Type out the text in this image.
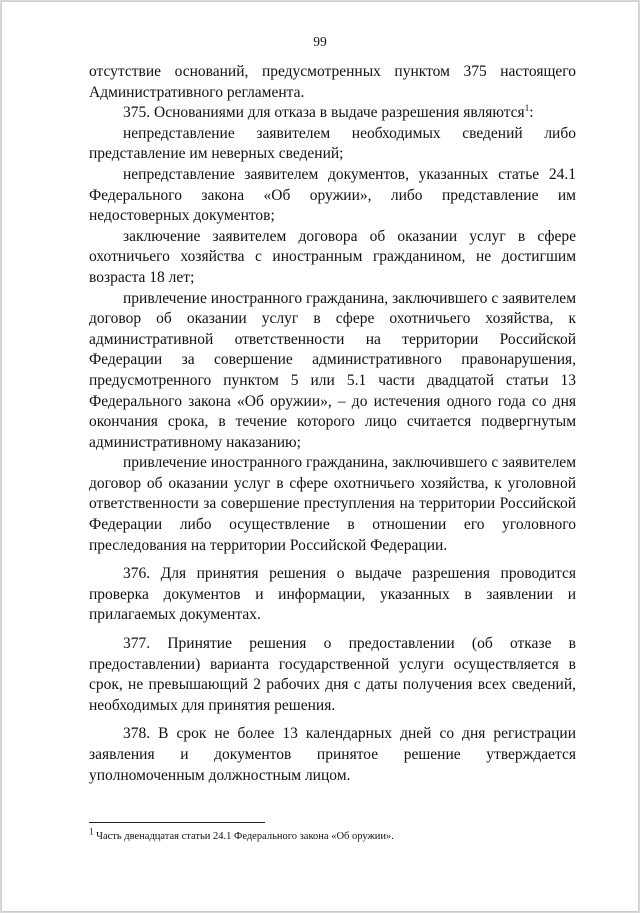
99

отсутствие оснований, предусмотренных пунктом 375 настоящего Административного регламента.

375. Основаниями для отказа в выдаче разрешения являются$^1$:

непредставление заявителем необходимых сведений либо представление им неверных сведений;

непредставление заявителем документов, указанных статье 24.1 Федерального закона «Об оружии», либо представление им недостоверных документов;

заключение заявителем договора об оказании услуг в сфере охотничьего хозяйства с иностранным гражданином, не достигшим возраста 18 лет;

привлечение иностранного гражданина, заключившего с заявителем договор об оказании услуг в сфере охотничьего хозяйства, к административной ответственности на территории Российской Федерации за совершение административного правонарушения, предусмотренного пунктом 5 или 5.1 части двадцатой статьи 13 Федерального закона «Об оружии», – до истечения одного года со дня окончания срока, в течение которого лицо считается подвергнутым административному наказанию;

привлечение иностранного гражданина, заключившего с заявителем договор об оказании услуг в сфере охотничьего хозяйства, к уголовной ответственности за совершение преступления на территории Российской Федерации либо осуществление в отношении его уголовного преследования на территории Российской Федерации.

376. Для принятия решения о выдаче разрешения проводится проверка документов и информации, указанных в заявлении и прилагаемых документах.

377. Принятие решения о предоставлении (об отказе в предоставлении) варианта государственной услуги осуществляется в срок, не превышающий 2 рабочих дня с даты получения всех сведений, необходимых для принятия решения.

378. В срок не более 13 календарных дней со дня регистрации заявления и документов принятое решение утверждается уполномоченным должностным лицом.

$^1$ Часть двенадцатая статьи 24.1 Федерального закона «Об оружии».
